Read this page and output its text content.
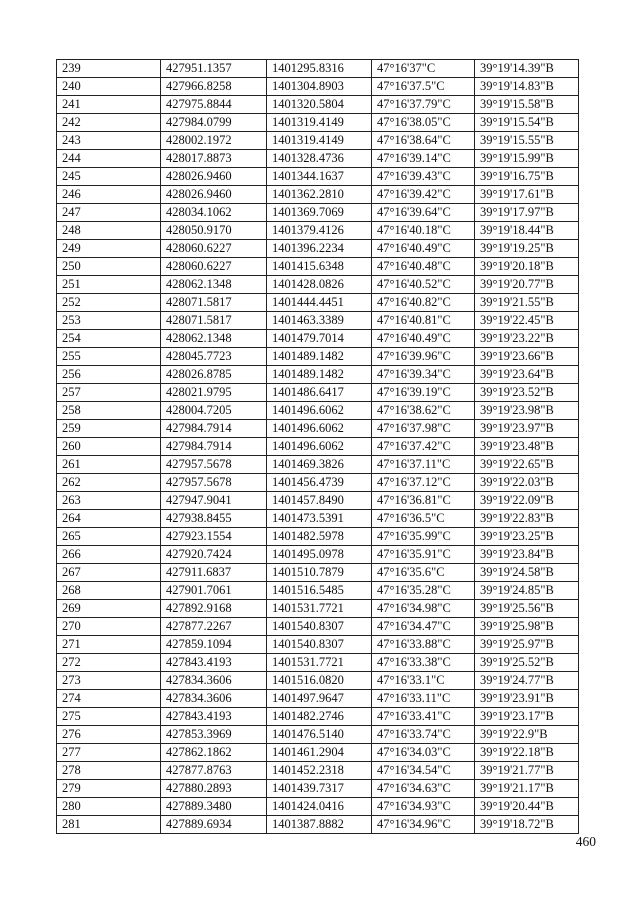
239	427951.1357	1401295.8316	47°16'37"С	39°19'14.39"В
240	427966.8258	1401304.8903	47°16'37.5"С	39°19'14.83"В
241	427975.8844	1401320.5804	47°16'37.79"С	39°19'15.58"В
242	427984.0799	1401319.4149	47°16'38.05"С	39°19'15.54"В
243	428002.1972	1401319.4149	47°16'38.64"С	39°19'15.55"В
244	428017.8873	1401328.4736	47°16'39.14"С	39°19'15.99"В
245	428026.9460	1401344.1637	47°16'39.43"С	39°19'16.75"В
246	428026.9460	1401362.2810	47°16'39.42"С	39°19'17.61"В
247	428034.1062	1401369.7069	47°16'39.64"С	39°19'17.97"В
248	428050.9170	1401379.4126	47°16'40.18"С	39°19'18.44"В
249	428060.6227	1401396.2234	47°16'40.49"С	39°19'19.25"В
250	428060.6227	1401415.6348	47°16'40.48"С	39°19'20.18"В
251	428062.1348	1401428.0826	47°16'40.52"С	39°19'20.77"В
252	428071.5817	1401444.4451	47°16'40.82"С	39°19'21.55"В
253	428071.5817	1401463.3389	47°16'40.81"С	39°19'22.45"В
254	428062.1348	1401479.7014	47°16'40.49"С	39°19'23.22"В
255	428045.7723	1401489.1482	47°16'39.96"С	39°19'23.66"В
256	428026.8785	1401489.1482	47°16'39.34"С	39°19'23.64"В
257	428021.9795	1401486.6417	47°16'39.19"С	39°19'23.52"В
258	428004.7205	1401496.6062	47°16'38.62"С	39°19'23.98"В
259	427984.7914	1401496.6062	47°16'37.98"С	39°19'23.97"В
260	427984.7914	1401496.6062	47°16'37.42"С	39°19'23.48"В
261	427957.5678	1401469.3826	47°16'37.11"С	39°19'22.65"В
262	427957.5678	1401456.4739	47°16'37.12"С	39°19'22.03"В
263	427947.9041	1401457.8490	47°16'36.81"С	39°19'22.09"В
264	427938.8455	1401473.5391	47°16'36.5"С	39°19'22.83"В
265	427923.1554	1401482.5978	47°16'35.99"С	39°19'23.25"В
266	427920.7424	1401495.0978	47°16'35.91"С	39°19'23.84"В
267	427911.6837	1401510.7879	47°16'35.6"С	39°19'24.58"В
268	427901.7061	1401516.5485	47°16'35.28"С	39°19'24.85"В
269	427892.9168	1401531.7721	47°16'34.98"С	39°19'25.56"В
270	427877.2267	1401540.8307	47°16'34.47"С	39°19'25.98"В
271	427859.1094	1401540.8307	47°16'33.88"С	39°19'25.97"В
272	427843.4193	1401531.7721	47°16'33.38"С	39°19'25.52"В
273	427834.3606	1401516.0820	47°16'33.1"С	39°19'24.77"В
274	427834.3606	1401497.9647	47°16'33.11"С	39°19'23.91"В
275	427843.4193	1401482.2746	47°16'33.41"С	39°19'23.17"В
276	427853.3969	1401476.5140	47°16'33.74"С	39°19'22.9"В
277	427862.1862	1401461.2904	47°16'34.03"С	39°19'22.18"В
278	427877.8763	1401452.2318	47°16'34.54"С	39°19'21.77"В
279	427880.2893	1401439.7317	47°16'34.63"С	39°19'21.17"В
280	427889.3480	1401424.0416	47°16'34.93"С	39°19'20.44"В
281	427889.6934	1401387.8882	47°16'34.96"С	39°19'18.72"В
460
